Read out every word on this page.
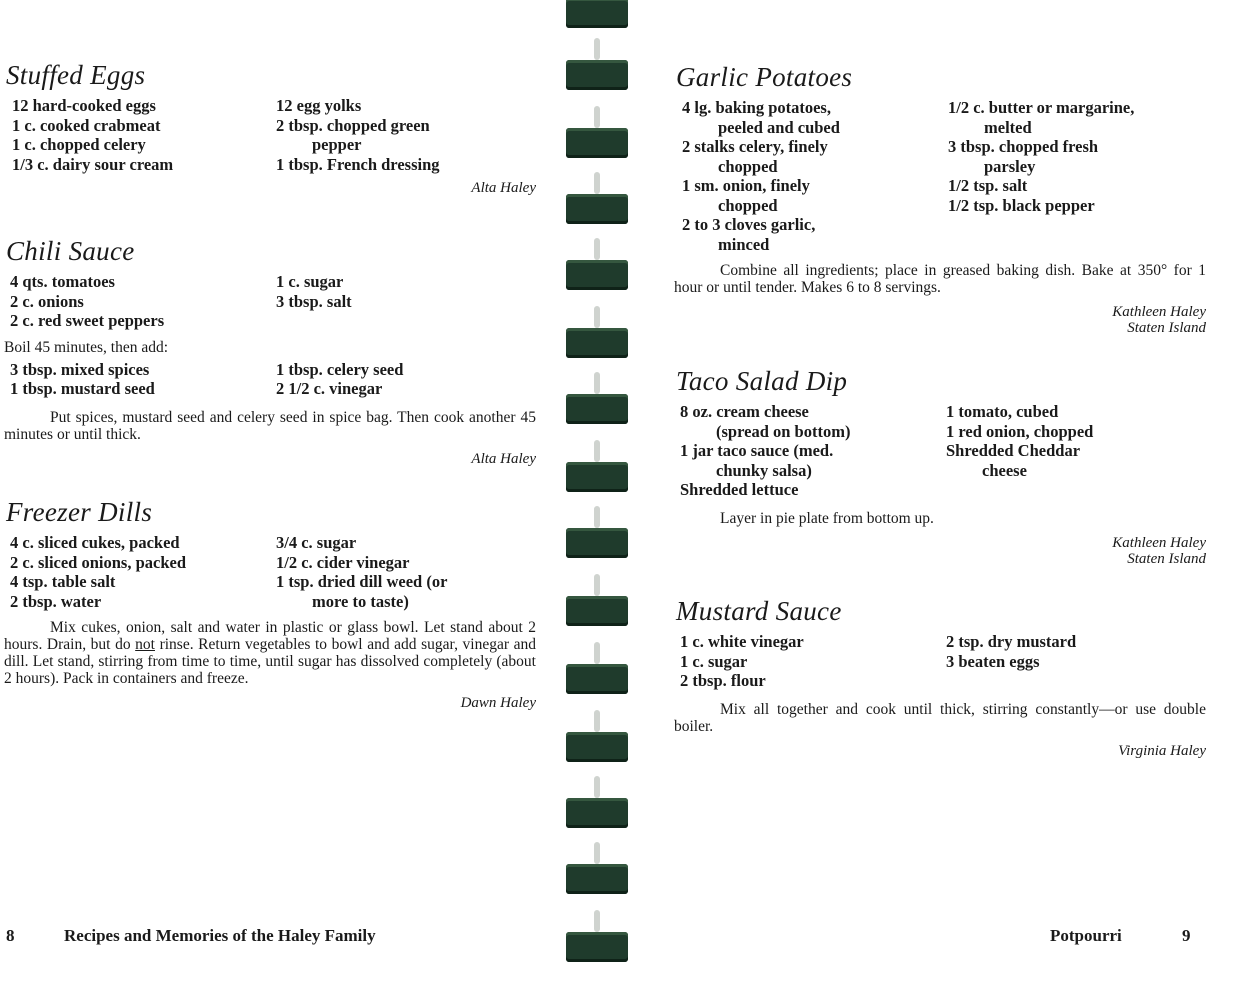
Stuffed Eggs
12 hard-cooked eggs
1 c. cooked crabmeat
1 c. chopped celery
1/3 c. dairy sour cream
12 egg yolks
2 tbsp. chopped green
pepper
1 tbsp. French dressing
Alta Haley
Chili Sauce
4 qts. tomatoes
2 c. onions
2 c. red sweet peppers
1 c. sugar
3 tbsp. salt
Boil 45 minutes, then add:
3 tbsp. mixed spices
1 tbsp. mustard seed
1 tbsp. celery seed
2 1/2 c. vinegar

Put spices, mustard seed and celery seed in spice bag. Then cook another 45 minutes or until thick.

Alta Haley
Freezer Dills
4 c. sliced cukes, packed
2 c. sliced onions, packed
4 tsp. table salt
2 tbsp. water
3/4 c. sugar
1/2 c. cider vinegar
1 tsp. dried dill weed (or
more to taste)

Mix cukes, onion, salt and water in plastic or glass bowl. Let stand about 2 hours. Drain, but do not rinse. Return vegetables to bowl and add sugar, vinegar and dill. Let stand, stirring from time to time, until sugar has dissolved completely (about 2 hours). Pack in containers and freeze.

Dawn Haley
8	Recipes and Memories of the Haley Family
Garlic Potatoes
4 lg. baking potatoes,
peeled and cubed
2 stalks celery, finely
chopped
1 sm. onion, finely
chopped
2 to 3 cloves garlic,
minced
1/2 c. butter or margarine,
melted
3 tbsp. chopped fresh
parsley
1/2 tsp. salt
1/2 tsp. black pepper

Combine all ingredients; place in greased baking dish. Bake at 350° for 1 hour or until tender. Makes 6 to 8 servings.

Kathleen Haley
Staten Island
Taco Salad Dip
8 oz. cream cheese
(spread on bottom)
1 jar taco sauce (med.
chunky salsa)
Shredded lettuce
1 tomato, cubed
1 red onion, chopped
Shredded Cheddar
cheese

Layer in pie plate from bottom up.

Kathleen Haley
Staten Island
Mustard Sauce
1 c. white vinegar
1 c. sugar
2 tbsp. flour
2 tsp. dry mustard
3 beaten eggs

Mix all together and cook until thick, stirring constantly—or use double boiler.

Virginia Haley
Potpourri	9
